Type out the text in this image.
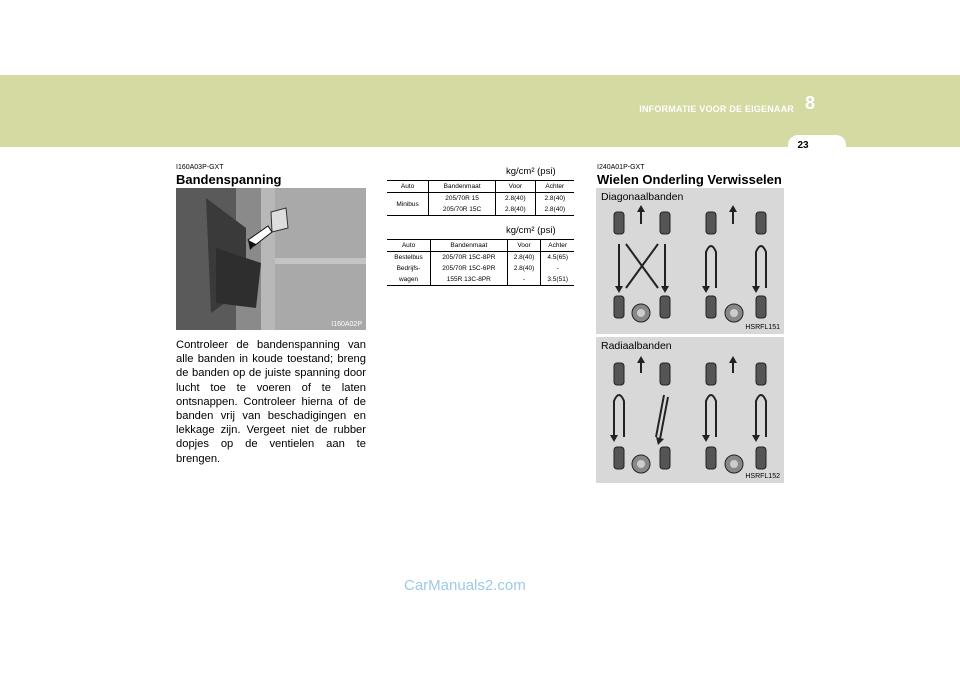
INFORMATIE VOOR DE EIGENAAR 8
23
I160A03P-GXT
Bandenspanning
I160A02P
Controleer de bandenspanning van alle banden in koude toestand; breng de banden op de juiste spanning door lucht toe te voeren of te laten ontsnappen. Controleer hierna of de banden vrij van beschadigingen en lekkage zijn. Vergeet niet de rubber dopjes op de ventielen aan te brengen.
kg/cm² (psi)
Auto	Bandenmaat	Voor	Achter
Minibus	205/70R 15	2.8(40)	2.8(40)
	205/70R 15C	2.8(40)	2.8(40)
kg/cm² (psi)
Auto	Bandenmaat	Voor	Achter
Bestelbus	205/70R 15C-8PR	2.8(40)	4.5(65)
Bedrijfs-	205/70R 15C-6PR	2.8(40)	-
wagen	155R 13C-8PR	-	3.5(51)
I240A01P-GXT
Wielen Onderling Verwisselen
Diagonaalbanden
HSRFL151
Radiaalbanden
HSRFL152
CarManuals2.com
